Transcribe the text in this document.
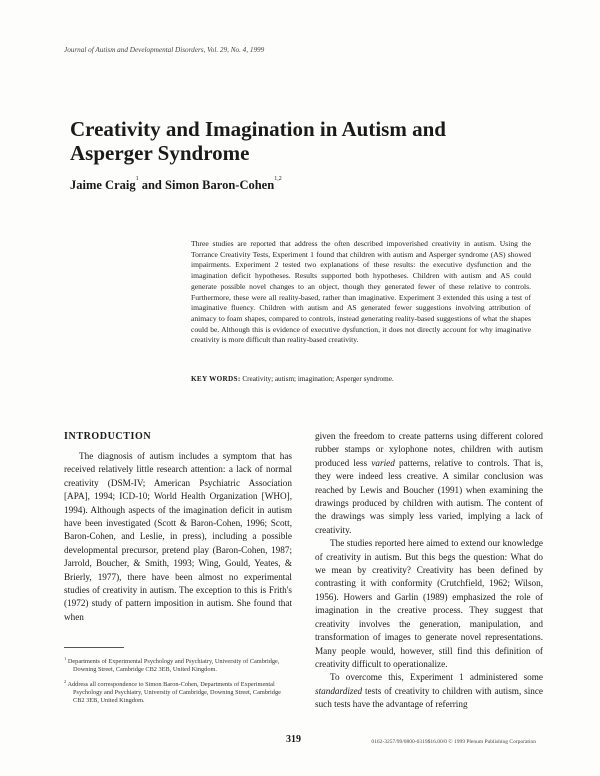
Journal of Autism and Developmental Disorders, Vol. 29, No. 4, 1999
Creativity and Imagination in Autism and Asperger Syndrome
Jaime Craig$^1$ and Simon Baron-Cohen$^{1,2}$

Three studies are reported that address the often described impoverished creativity in autism. Using the Torrance Creativity Tests, Experiment 1 found that children with autism and Asperger syndrome (AS) showed impairments. Experiment 2 tested two explanations of these results: the executive dysfunction and the imagination deficit hypotheses. Results supported both hypotheses. Children with autism and AS could generate possible novel changes to an object, though they generated fewer of these relative to controls. Furthermore, these were all reality-based, rather than imaginative. Experiment 3 extended this using a test of imaginative fluency. Children with autism and AS generated fewer suggestions involving attribution of animacy to foam shapes, compared to controls, instead generating reality-based suggestions of what the shapes could be. Although this is evidence of executive dysfunction, it does not directly account for why imaginative creativity is more difficult than reality-based creativity.

KEY WORDS: Creativity; autism; imagination; Asperger syndrome.
INTRODUCTION

The diagnosis of autism includes a symptom that has received relatively little research attention: a lack of normal creativity (DSM-IV; American Psychiatric Association [APA], 1994; ICD-10; World Health Organization [WHO], 1994). Although aspects of the imagination deficit in autism have been investigated (Scott & Baron-Cohen, 1996; Scott, Baron-Cohen, and Leslie, in press), including a possible developmental precursor, pretend play (Baron-Cohen, 1987; Jarrold, Boucher, & Smith, 1993; Wing, Gould, Yeates, & Brierly, 1977), there have been almost no experimental studies of creativity in autism. The exception to this is Frith's (1972) study of pattern imposition in autism. She found that when

given the freedom to create patterns using different colored rubber stamps or xylophone notes, children with autism produced less varied patterns, relative to controls. That is, they were indeed less creative. A similar conclusion was reached by Lewis and Boucher (1991) when examining the drawings produced by children with autism. The content of the drawings was simply less varied, implying a lack of creativity.

The studies reported here aimed to extend our knowledge of creativity in autism. But this begs the question: What do we mean by creativity? Creativity has been defined by contrasting it with conformity (Crutchfield, 1962; Wilson, 1956). Howers and Garlin (1989) emphasized the role of imagination in the creative process. They suggest that creativity involves the generation, manipulation, and transformation of images to generate novel representations. Many people would, however, still find this definition of creativity difficult to operationalize.

To overcome this, Experiment 1 administered some standardized tests of creativity to children with autism, since such tests have the advantage of referring

$^1$ Departments of Experimental Psychology and Psychiatry, University of Cambridge, Downing Street, Cambridge CB2 3EB, United Kingdom.

$^2$ Address all correspondence to Simon Baron-Cohen, Departments of Experimental Psychology and Psychiatry, University of Cambridge, Downing Street, Cambridge CB2 3EB, United Kingdom.

319	0162-3257/99/0800-0319$16.00/0 © 1999 Plenum Publishing Corporation
